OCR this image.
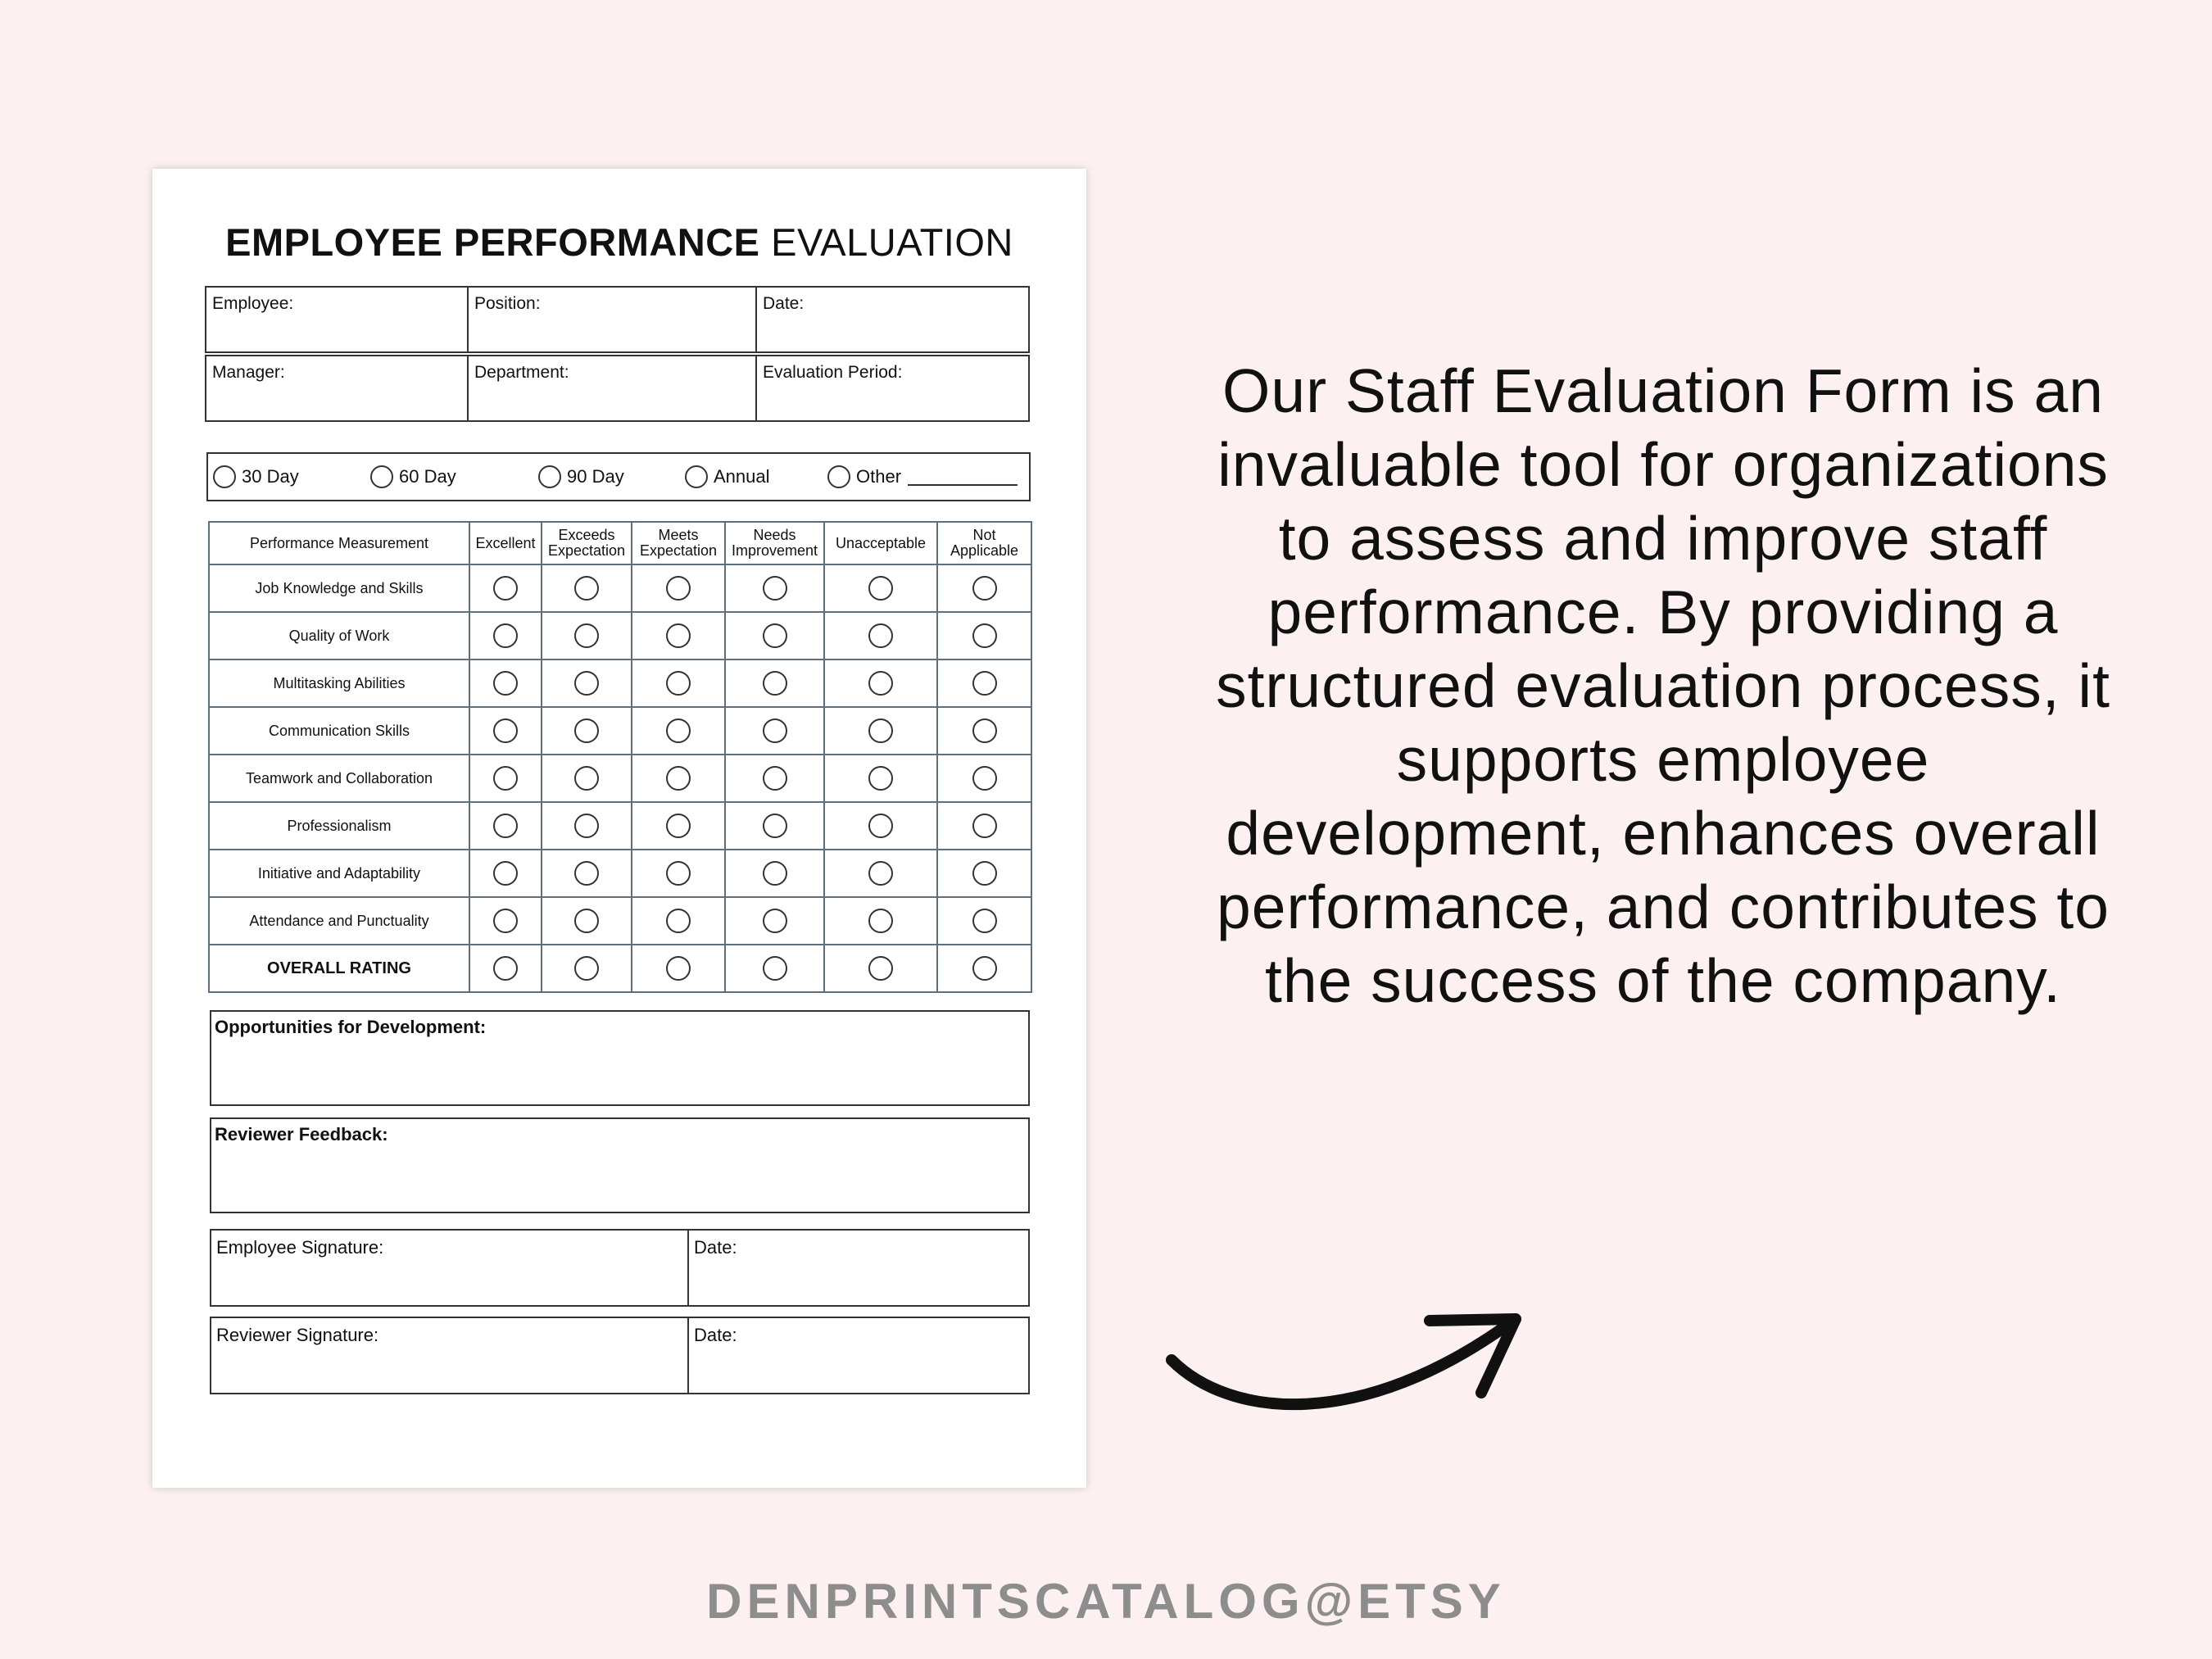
EMPLOYEE PERFORMANCE EVALUATION
Employee:	Position:	Date:
Manager:	Department:	Evaluation Period:
30 Day	60 Day	90 Day	Annual	Other
Performance Measurement	Excellent	Exceeds Expectation	Meets Expectation	Needs Improvement	Unacceptable	Not Applicable
Job Knowledge and Skills						
Quality of Work						
Multitasking Abilities						
Communication Skills						
Teamwork and Collaboration						
Professionalism						
Initiative and Adaptability						
Attendance and Punctuality						
OVERALL RATING						
Opportunities for Development:
Reviewer Feedback:
Employee Signature:	Date:
Reviewer Signature:	Date:
Our Staff Evaluation Form is an invaluable tool for organizations to assess and improve staff performance. By providing a structured evaluation process, it supports employee development, enhances overall performance, and contributes to the success of the company.
DENPRINTSCATALOG@ETSY
